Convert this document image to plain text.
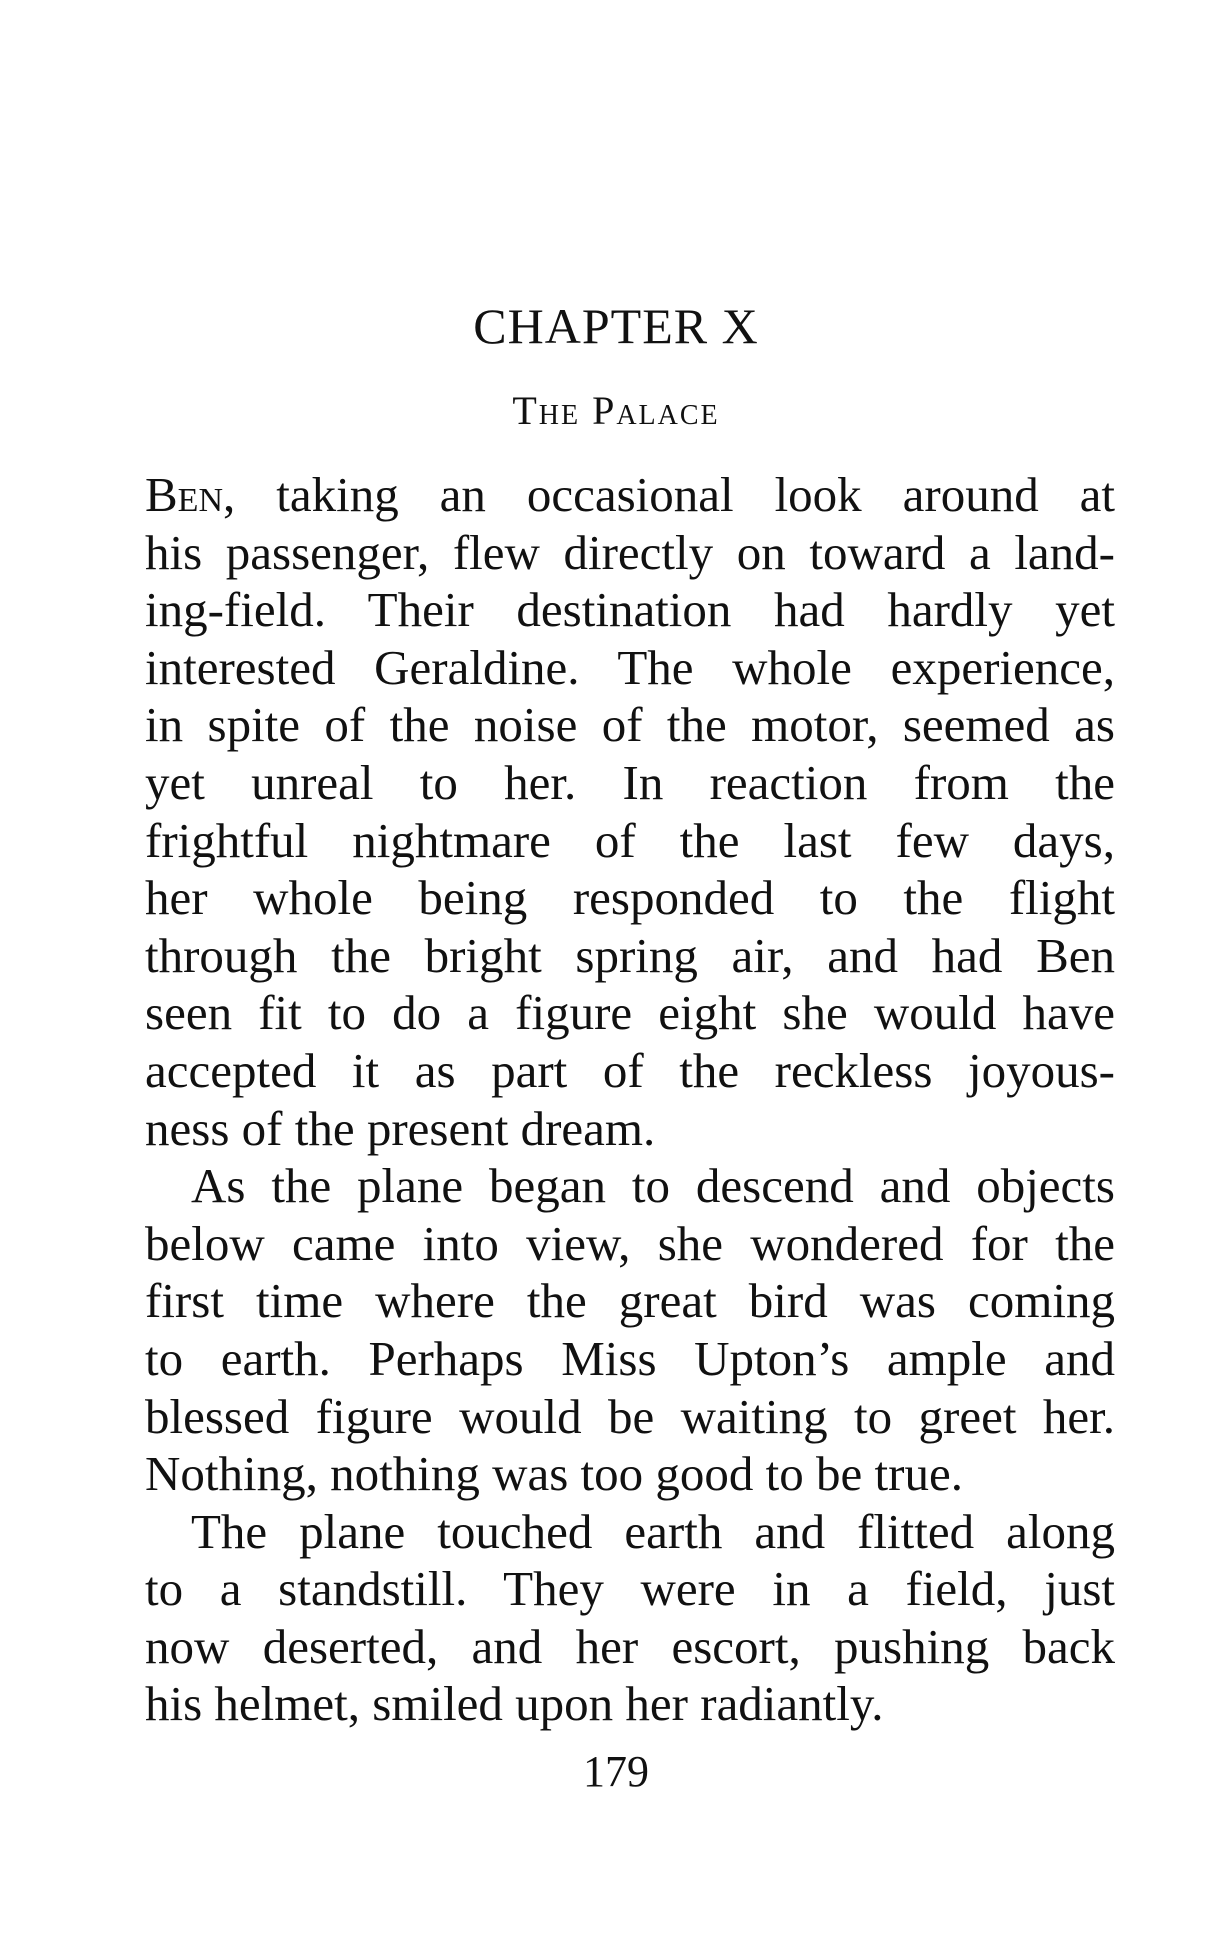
CHAPTER X
The Palace
Ben, taking an occasional look around at
his passenger, flew directly on toward a land-
ing-field. Their destination had hardly yet
interested Geraldine. The whole experience,
in spite of the noise of the motor, seemed as
yet unreal to her. In reaction from the
frightful nightmare of the last few days,
her whole being responded to the flight
through the bright spring air, and had Ben
seen fit to do a figure eight she would have
accepted it as part of the reckless joyous-
ness of the present dream.
As the plane began to descend and objects
below came into view, she wondered for the
first time where the great bird was coming
to earth. Perhaps Miss Upton’s ample and
blessed figure would be waiting to greet her.
Nothing, nothing was too good to be true.
The plane touched earth and flitted along
to a standstill. They were in a field, just
now deserted, and her escort, pushing back
his helmet, smiled upon her radiantly.
179
